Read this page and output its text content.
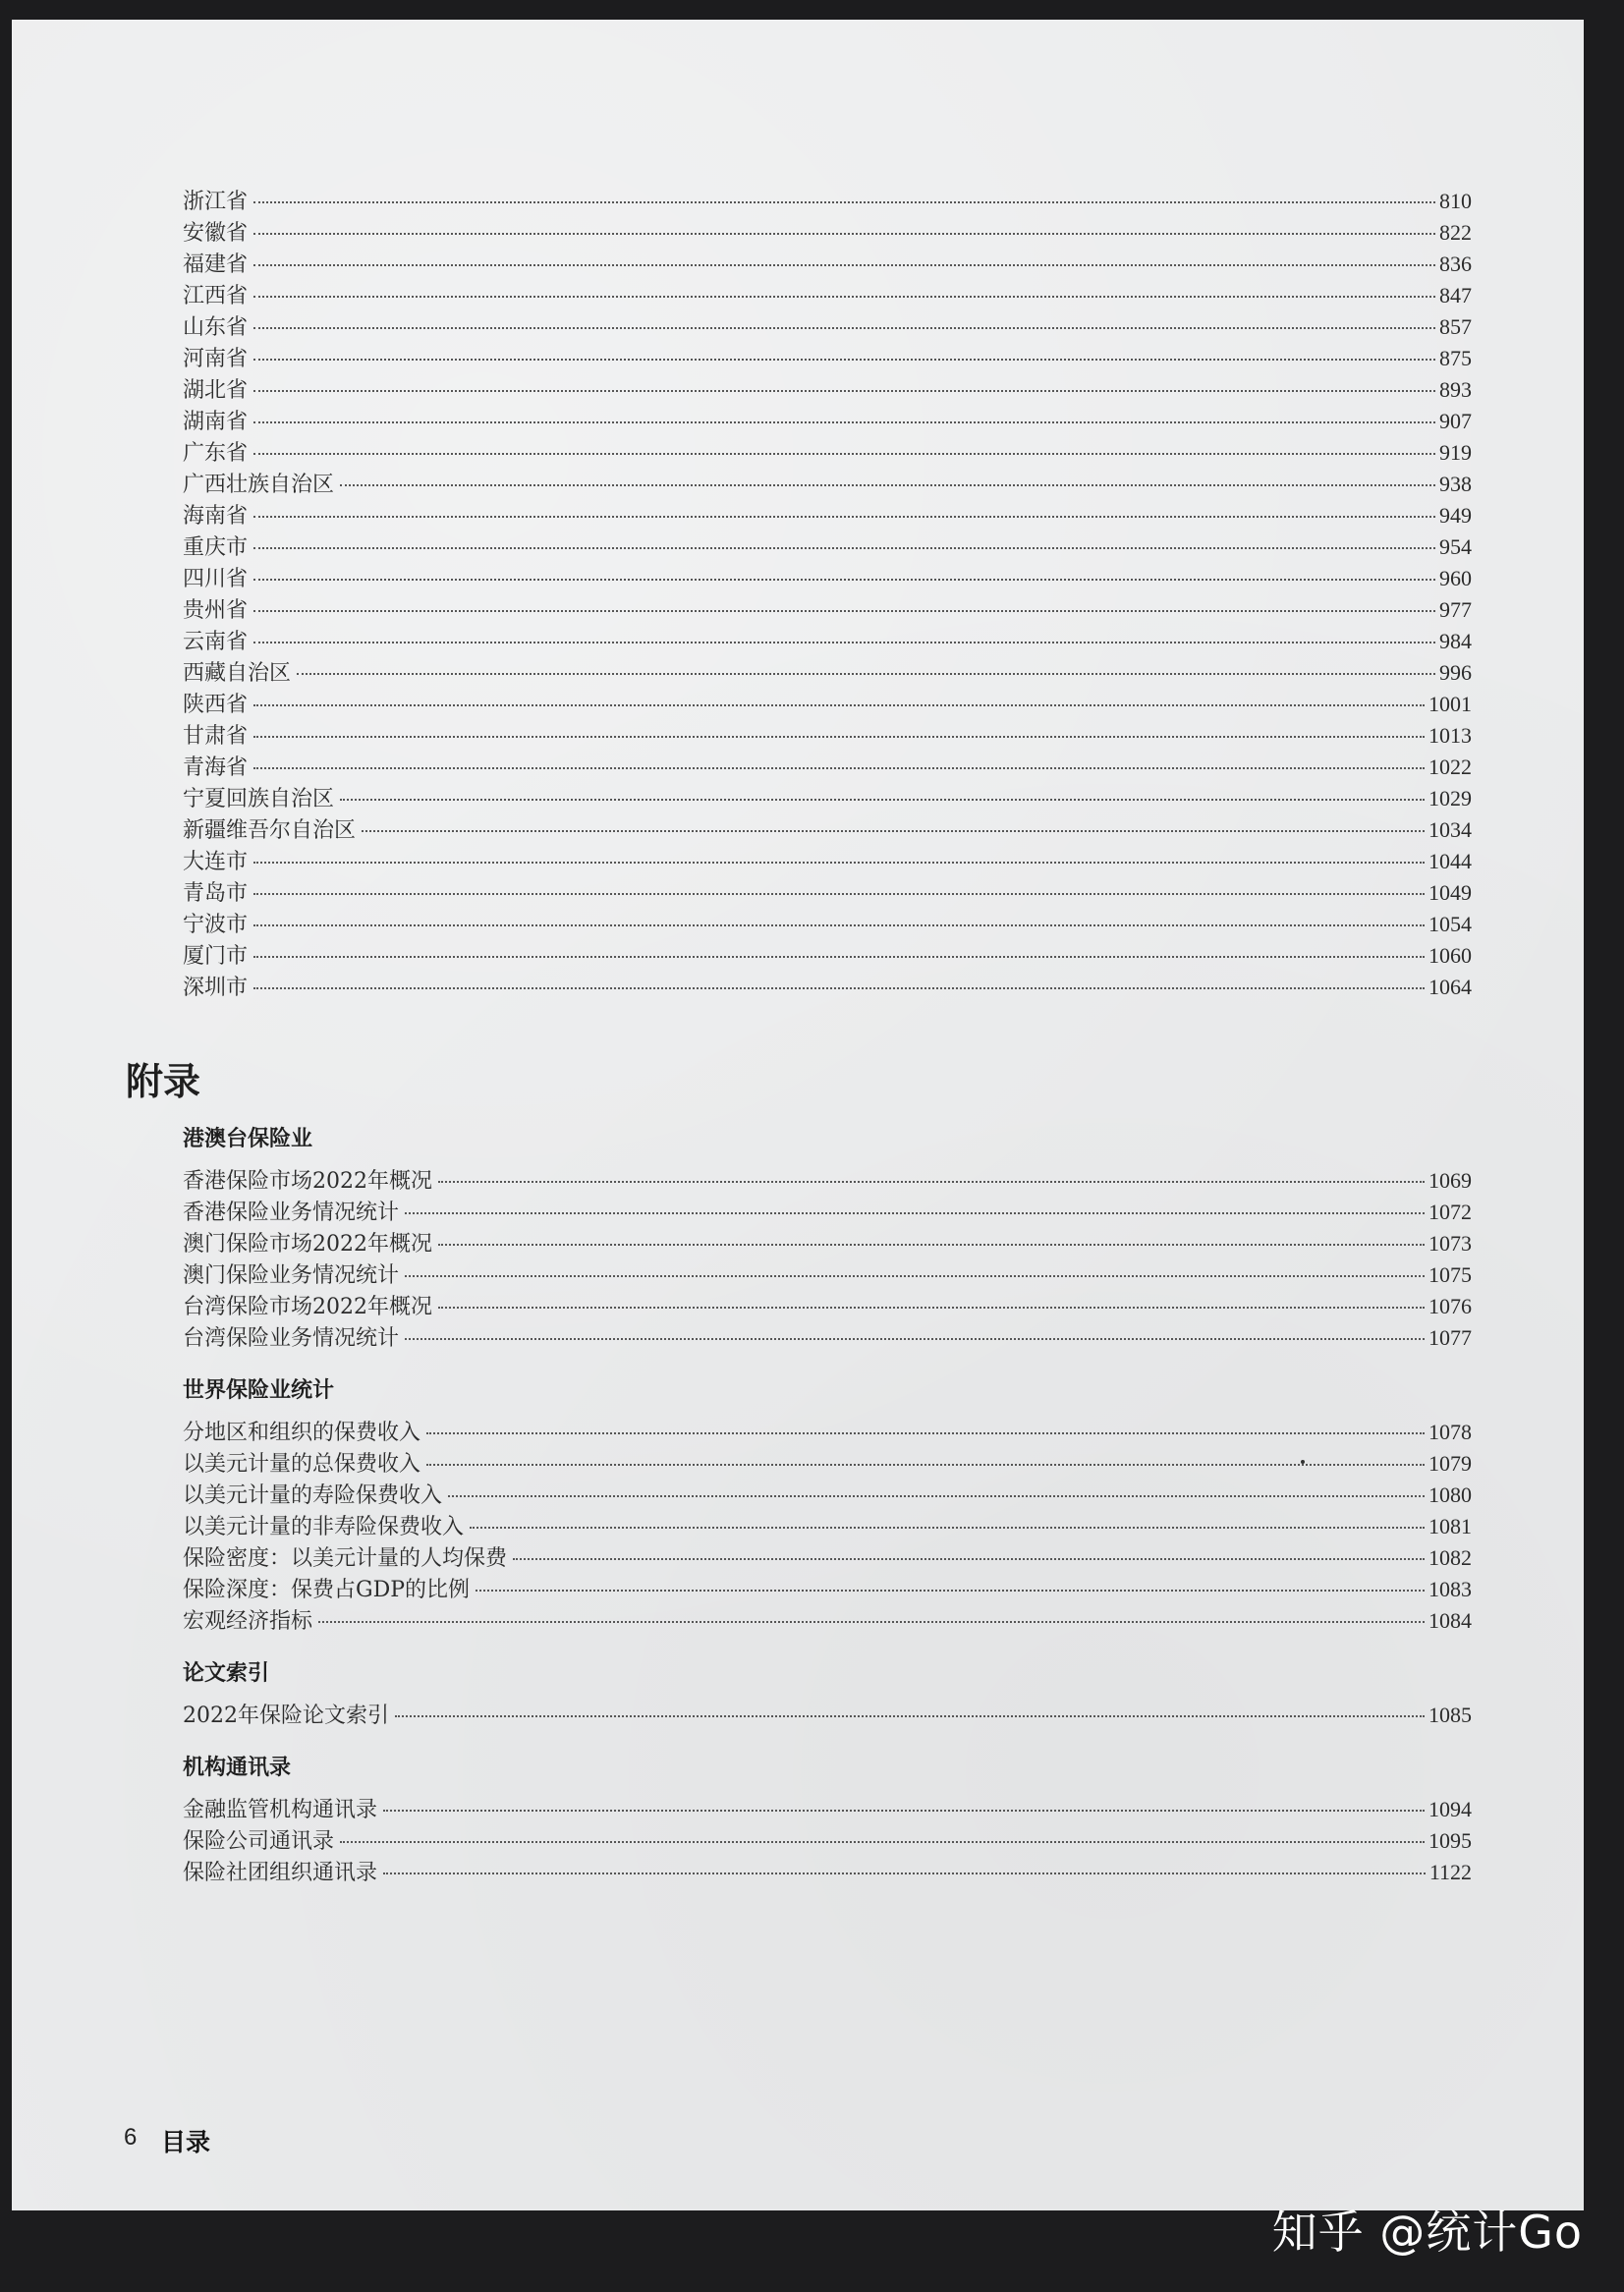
浙江省	810
安徽省	822
福建省	836
江西省	847
山东省	857
河南省	875
湖北省	893
湖南省	907
广东省	919
广西壮族自治区	938
海南省	949
重庆市	954
四川省	960
贵州省	977
云南省	984
西藏自治区	996
陕西省	1001
甘肃省	1013
青海省	1022
宁夏回族自治区	1029
新疆维吾尔自治区	1034
大连市	1044
青岛市	1049
宁波市	1054
厦门市	1060
深圳市	1064
附录
港澳台保险业
香港保险市场2022年概况	1069
香港保险业务情况统计	1072
澳门保险市场2022年概况	1073
澳门保险业务情况统计	1075
台湾保险市场2022年概况	1076
台湾保险业务情况统计	1077
世界保险业统计
分地区和组织的保费收入	1078
以美元计量的总保费收入	1079
以美元计量的寿险保费收入	1080
以美元计量的非寿险保费收入	1081
保险密度：以美元计量的人均保费	1082
保险深度：保费占GDP的比例	1083
宏观经济指标	1084
论文索引
2022年保险论文索引	1085
机构通讯录
金融监管机构通讯录	1094
保险公司通讯录	1095
保险社团组织通讯录	1122
6 目录
知乎 @统计Go
